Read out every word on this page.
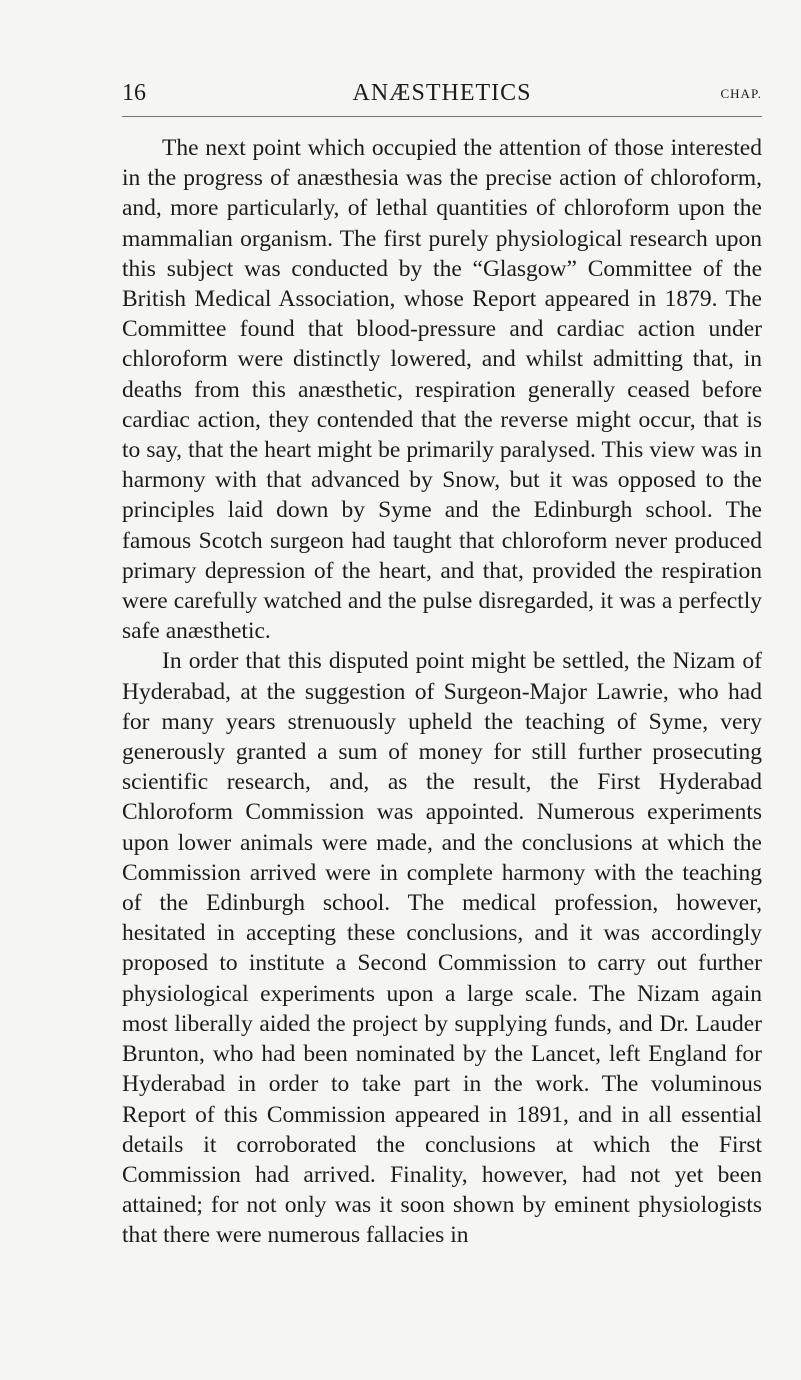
16	ANÆSTHETICS	CHAP.

The next point which occupied the attention of those interested in the progress of anæsthesia was the precise action of chloroform, and, more particularly, of lethal quantities of chloroform upon the mammalian organism. The first purely physiological research upon this subject was conducted by the “Glasgow” Committee of the British Medical Association, whose Report appeared in 1879. The Committee found that blood-pressure and cardiac action under chloroform were distinctly lowered, and whilst admitting that, in deaths from this anæsthetic, respiration generally ceased before cardiac action, they contended that the reverse might occur, that is to say, that the heart might be primarily paralysed. This view was in harmony with that advanced by Snow, but it was opposed to the principles laid down by Syme and the Edinburgh school. The famous Scotch surgeon had taught that chloroform never produced primary depression of the heart, and that, provided the respiration were carefully watched and the pulse disregarded, it was a perfectly safe anæsthetic.

In order that this disputed point might be settled, the Nizam of Hyderabad, at the suggestion of Surgeon-Major Lawrie, who had for many years strenuously upheld the teaching of Syme, very generously granted a sum of money for still further prosecuting scientific research, and, as the result, the First Hyderabad Chloroform Commission was appointed. Numerous experiments upon lower animals were made, and the conclusions at which the Commission arrived were in complete harmony with the teaching of the Edinburgh school. The medical profession, however, hesitated in accepting these conclusions, and it was accordingly proposed to institute a Second Commission to carry out further physiological experiments upon a large scale. The Nizam again most liberally aided the project by supplying funds, and Dr. Lauder Brunton, who had been nominated by the Lancet, left England for Hyderabad in order to take part in the work. The voluminous Report of this Commission appeared in 1891, and in all essential details it corroborated the conclusions at which the First Commission had arrived. Finality, however, had not yet been attained; for not only was it soon shown by eminent physiologists that there were numerous fallacies in
